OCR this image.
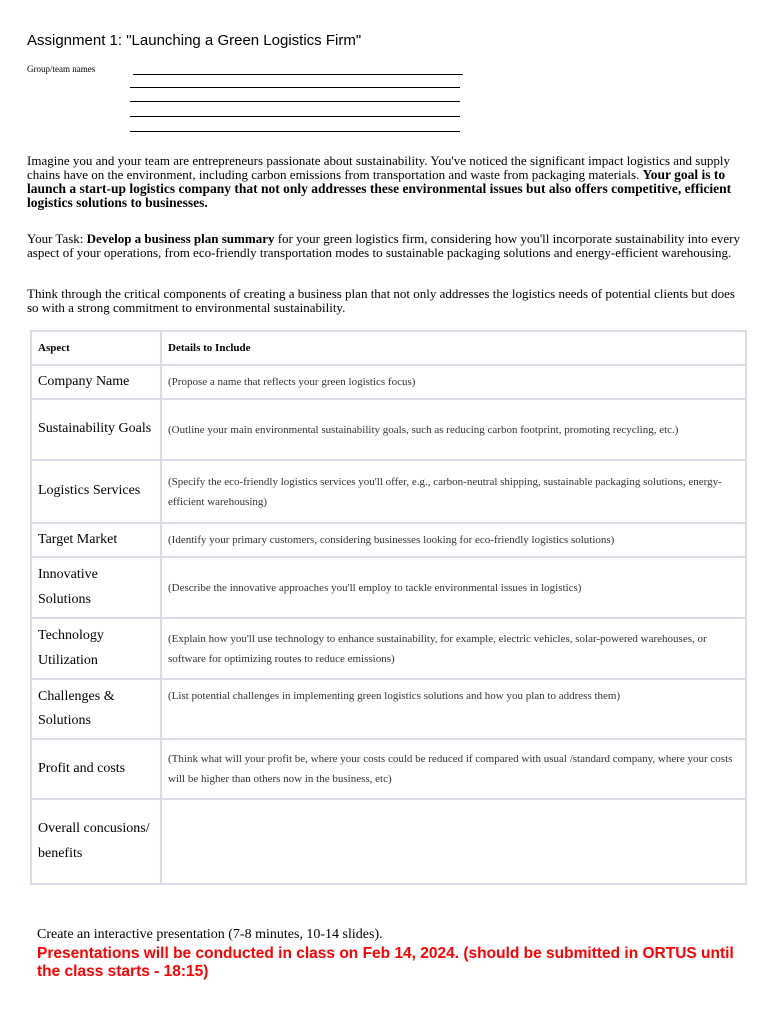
Assignment 1: "Launching a Green Logistics Firm"
Group/team names
Imagine you and your team are entrepreneurs passionate about sustainability. You've noticed the significant impact logistics and supply chains have on the environment, including carbon emissions from transportation and waste from packaging materials. Your goal is to launch a start-up logistics company that not only addresses these environmental issues but also offers competitive, efficient logistics solutions to businesses.
Your Task: Develop a business plan summary for your green logistics firm, considering how you'll incorporate sustainability into every aspect of your operations, from eco-friendly transportation modes to sustainable packaging solutions and energy-efficient warehousing.
Think through the critical components of creating a business plan that not only addresses the logistics needs of potential clients but does so with a strong commitment to environmental sustainability.
Aspect	Details to Include
Company Name	(Propose a name that reflects your green logistics focus)
Sustainability Goals	(Outline your main environmental sustainability goals, such as reducing carbon footprint, promoting recycling, etc.)
Logistics Services	(Specify the eco-friendly logistics services you'll offer, e.g., carbon-neutral shipping, sustainable packaging solutions, energy-efficient warehousing)
Target Market	(Identify your primary customers, considering businesses looking for eco-friendly logistics solutions)
Innovative Solutions	(Describe the innovative approaches you'll employ to tackle environmental issues in logistics)
Technology Utilization	(Explain how you'll use technology to enhance sustainability, for example, electric vehicles, solar-powered warehouses, or software for optimizing routes to reduce emissions)
Challenges & Solutions	(List potential challenges in implementing green logistics solutions and how you plan to address them)
Profit and costs	(Think what will your profit be, where your costs could be reduced if compared with usual /standard company, where your costs will be higher than others now in the business, etc)
Overall concusions/ benefits	
Create an interactive presentation (7-8 minutes, 10-14 slides).
Presentations will be conducted in class on Feb 14, 2024. (should be submitted in ORTUS until the class starts - 18:15)
